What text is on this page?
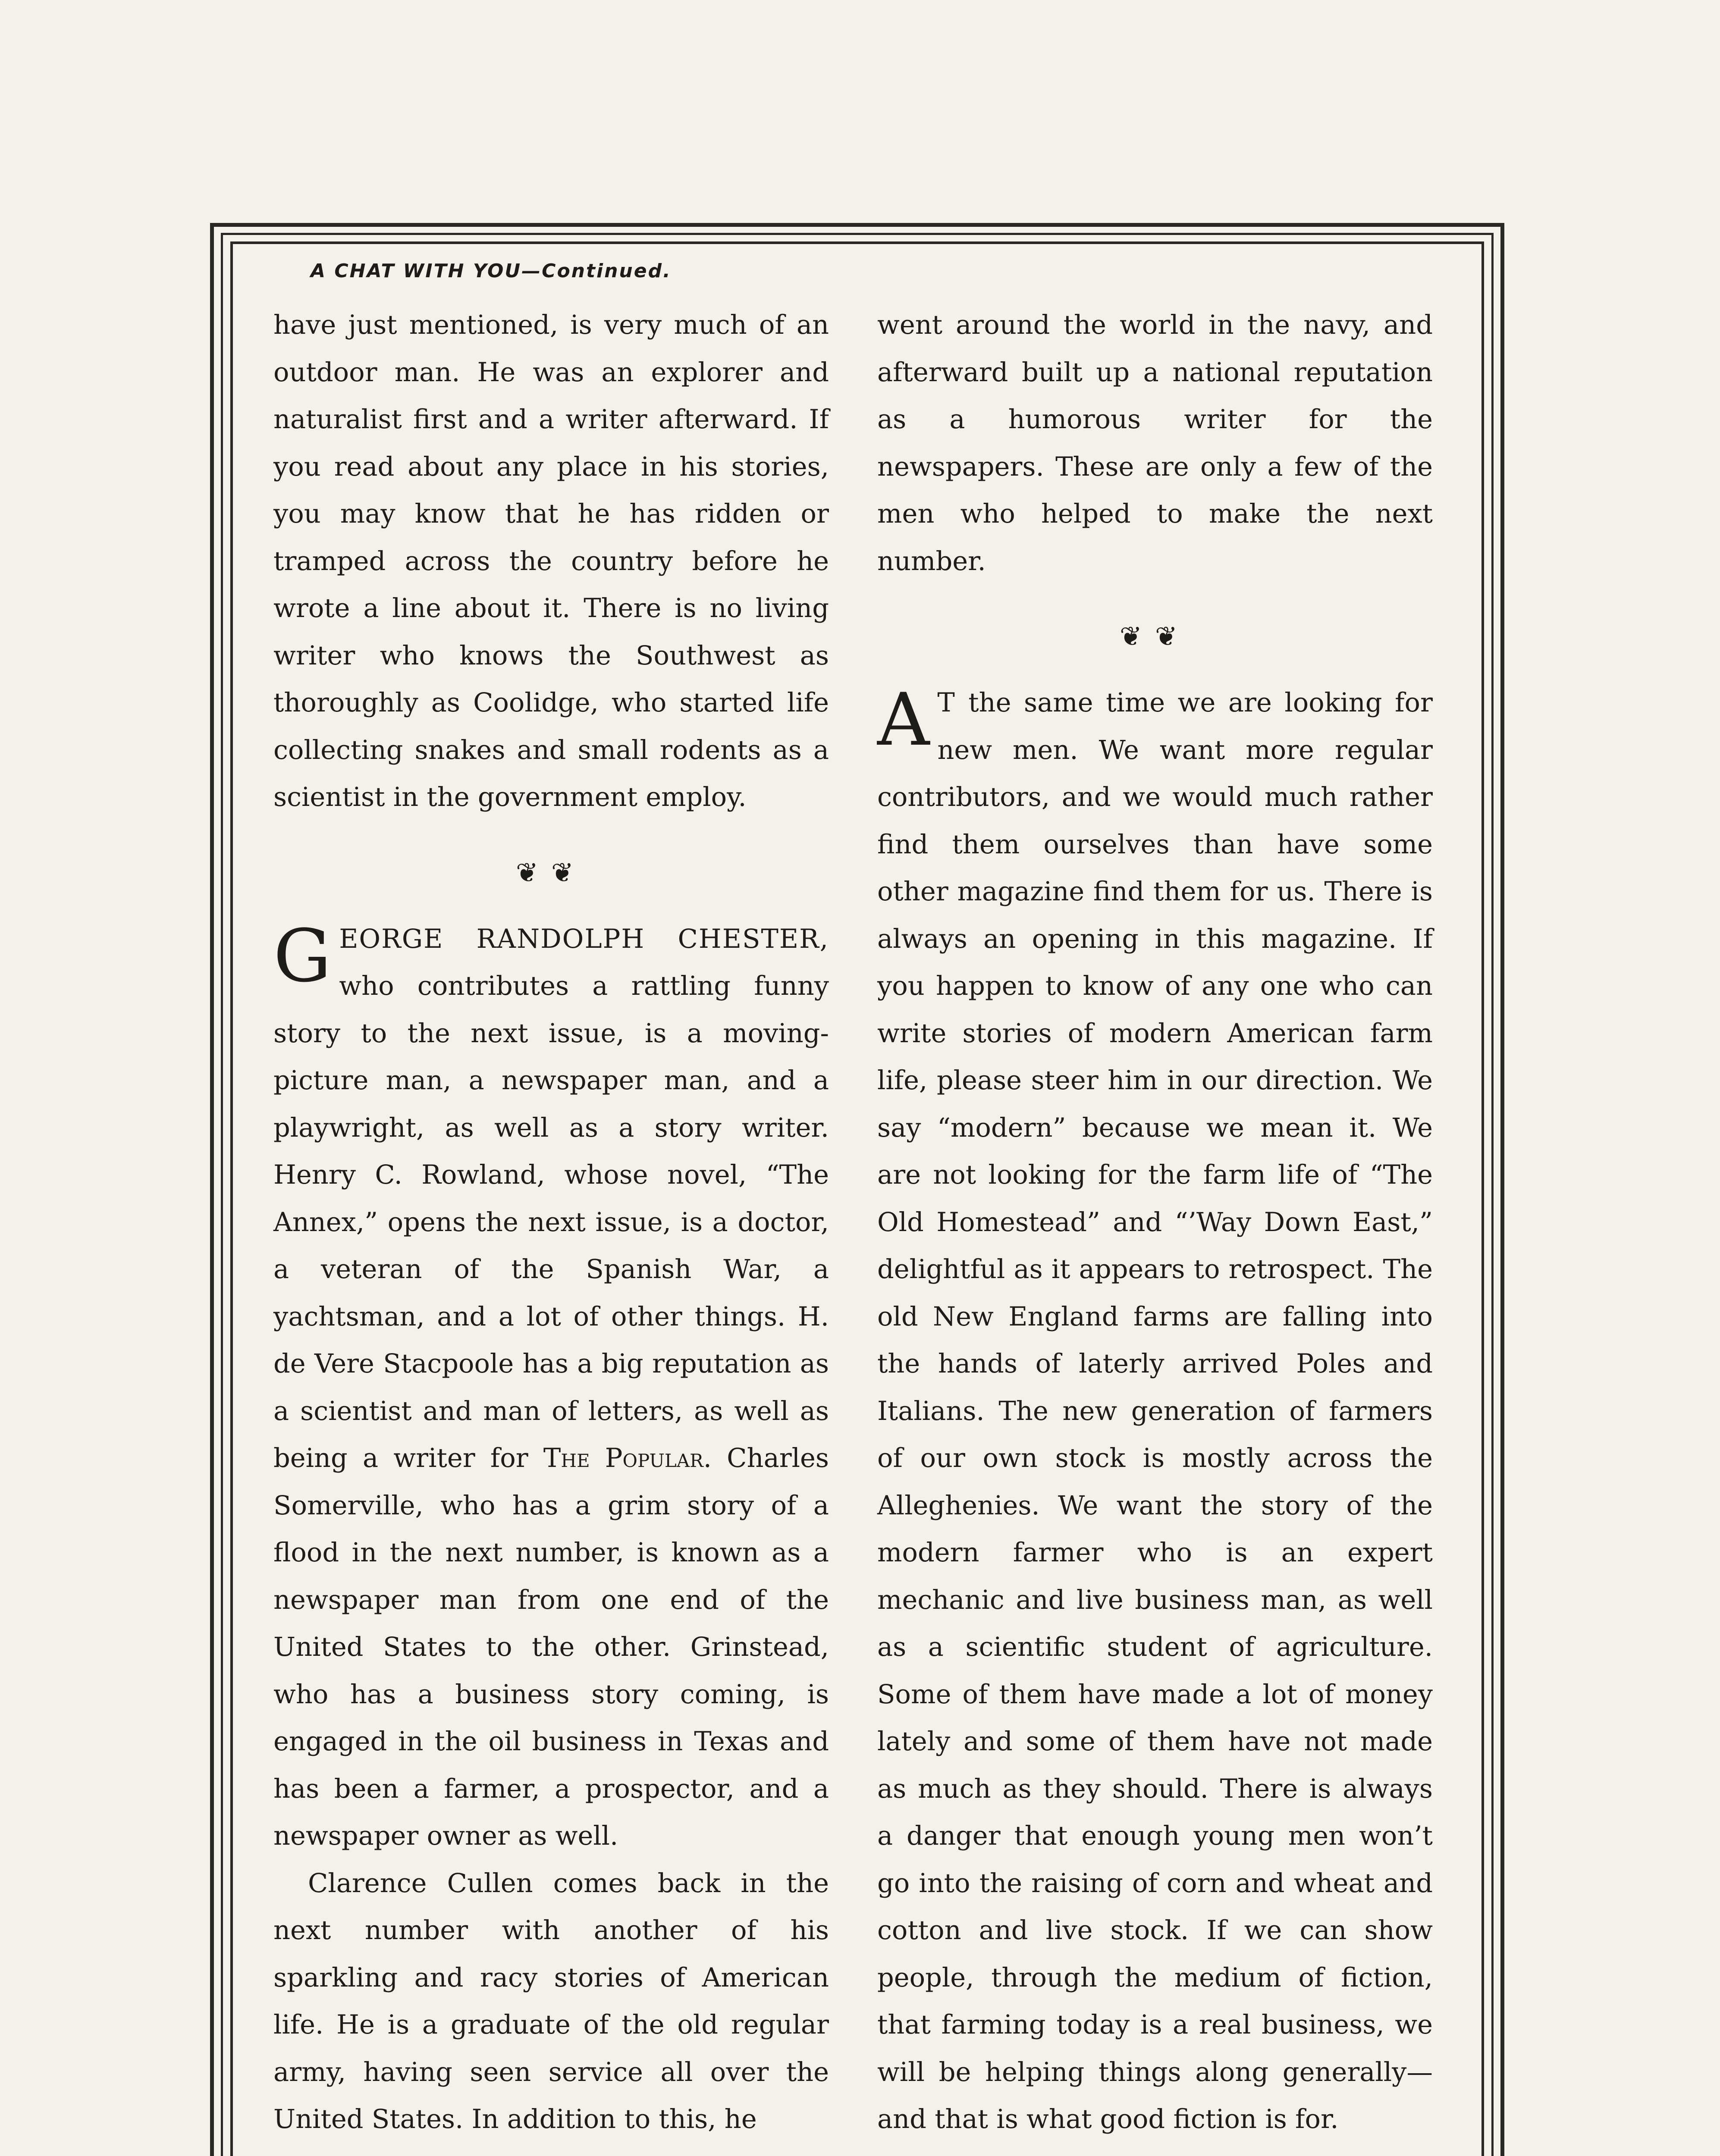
A CHAT WITH YOU—Continued.

have just mentioned, is very much of an outdoor man. He was an explorer and naturalist first and a writer afterward. If you read about any place in his stories, you may know that he has ridden or tramped across the country before he wrote a line about it. There is no living writer who knows the Southwest as thoroughly as Coolidge, who started life collecting snakes and small rodents as a scientist in the government employ.

❦❦

GEORGE RANDOLPH CHESTER, who contributes a rattling funny story to the next issue, is a moving-picture man, a newspaper man, and a playwright, as well as a story writer. Henry C. Rowland, whose novel, “The Annex,” opens the next issue, is a doctor, a veteran of the Spanish War, a yachtsman, and a lot of other things. H. de Vere Stacpoole has a big reputation as a scientist and man of letters, as well as being a writer for The Popular. Charles Somerville, who has a grim story of a flood in the next number, is known as a newspaper man from one end of the United States to the other. Grinstead, who has a business story coming, is engaged in the oil business in Texas and has been a farmer, a prospector, and a newspaper owner as well.

Clarence Cullen comes back in the next number with another of his sparkling and racy stories of American life. He is a graduate of the old regular army, having seen service all over the United States. In addition to this, he

went around the world in the navy, and afterward built up a national reputation as a humorous writer for the newspapers. These are only a few of the men who helped to make the next number.

❦❦

A T the same time we are looking for new men. We want more regular contributors, and we would much rather find them ourselves than have some other magazine find them for us. There is always an opening in this magazine. If you happen to know of any one who can write stories of modern American farm life, please steer him in our direction. We say “modern” because we mean it. We are not looking for the farm life of “The Old Homestead” and “’Way Down East,” delightful as it appears to retrospect. The old New England farms are falling into the hands of laterly arrived Poles and Italians. The new generation of farmers of our own stock is mostly across the Alleghenies. We want the story of the modern farmer who is an expert mechanic and live business man, as well as a scientific student of agriculture. Some of them have made a lot of money lately and some of them have not made as much as they should. There is always a danger that enough young men won’t go into the raising of corn and wheat and cotton and live stock. If we can show people, through the medium of fiction, that farming today is a real business, we will be helping things along generally—and that is what good fiction is for.
